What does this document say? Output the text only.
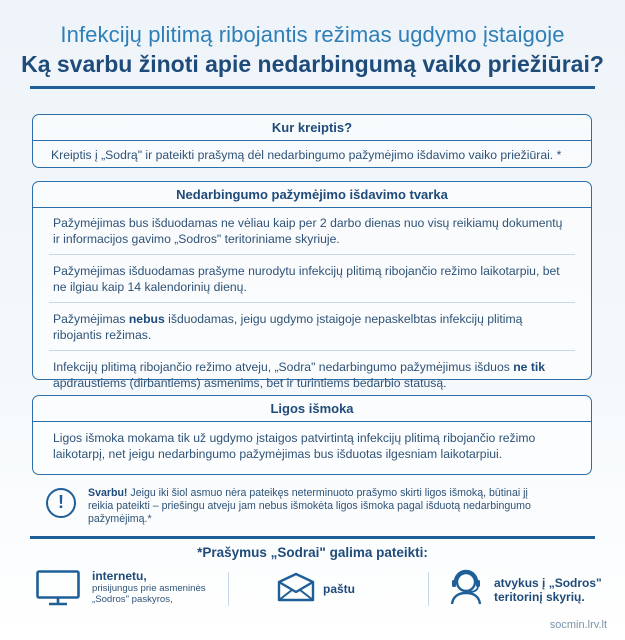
Infekcijų plitimą ribojantis režimas ugdymo įstaigoje
Ką svarbu žinoti apie nedarbingumą vaiko priežiūrai?
Kur kreiptis?
Kreiptis į „Sodrą" ir pateikti prašymą dėl nedarbingumo pažymėjimo išdavimo vaiko priežiūrai. *
Nedarbingumo pažymėjimo išdavimo tvarka
Pažymėjimas bus išduodamas ne vėliau kaip per 2 darbo dienas nuo visų reikiamų dokumentų ir informacijos gavimo „Sodros" teritoriniame skyriuje.
Pažymėjimas išduodamas prašyme nurodytu infekcijų plitimą ribojančio režimo laikotarpiu, bet ne ilgiau kaip 14 kalendorinių dienų.
Pažymėjimas nebus išduodamas, jeigu ugdymo įstaigoje nepaskelbtas infekcijų plitimą ribojantis režimas.
Infekcijų plitimą ribojančio režimo atveju, „Sodra" nedarbingumo pažymėjimus išduos ne tik apdraustiems (dirbantiems) asmenims, bet ir turintiems bedarbio statusą.
Ligos išmoka
Ligos išmoka mokama tik už ugdymo įstaigos patvirtintą infekcijų plitimą ribojančio režimo laikotarpį, net jeigu nedarbingumo pažymėjimas bus išduotas ilgesniam laikotarpiui.
!	Svarbu! Jeigu iki šiol asmuo nėra pateikęs neterminuoto prašymo skirti ligos išmoką, būtinai jį reikia pateikti – priešingu atveju jam nebus išmokėta ligos išmoka pagal išduotą nedarbingumo pažymėjimą.*
*Prašymus „Sodrai" galima pateikti:
internetu,
prisijungus prie asmeninės
„Sodros" paskyros,
paštu	atvykus į „Sodros"
teritorinį skyrių.
socmin.lrv.lt
